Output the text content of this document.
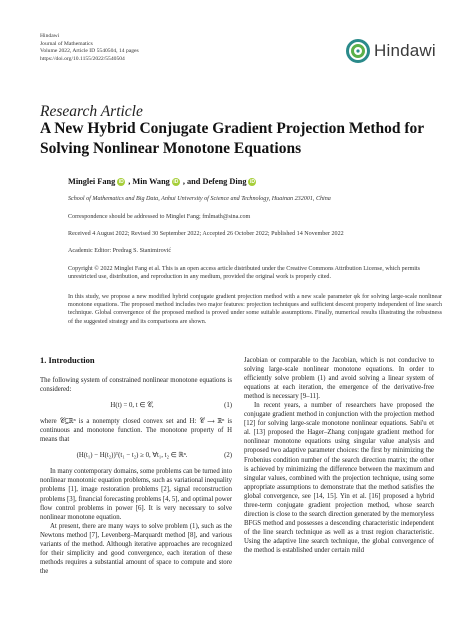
Hindawi
Journal of Mathematics
Volume 2022, Article ID 5540504, 14 pages
https://doi.org/10.1155/2022/5540504	Hindawi
Research Article
A New Hybrid Conjugate Gradient Projection Method for Solving Nonlinear Monotone Equations
Minglei Fang iD , Min Wang iD , and Defeng Ding iD
School of Mathematics and Big Data, Anhui University of Science and Technology, Huainan 232001, China
Correspondence should be addressed to Minglei Fang; fmlmath@sina.com
Received 4 August 2022; Revised 30 September 2022; Accepted 26 October 2022; Published 14 November 2022
Academic Editor: Predrag S. Stanimirović
Copyright © 2022 Minglei Fang et al. This is an open access article distributed under the Creative Commons Attribution License, which permits unrestricted use, distribution, and reproduction in any medium, provided the original work is properly cited.
In this study, we propose a new modified hybrid conjugate gradient projection method with a new scale parameter φk for solving large-scale nonlinear monotone equations. The proposed method includes two major features: projection techniques and sufficient descent property independent of line search technique. Global convergence of the proposed method is proved under some suitable assumptions. Finally, numerical results illustrating the robustness of the suggested strategy and its comparisons are shown.

1. Introduction

The following system of constrained nonlinear monotone equations is considered:

H(t) = 0, t ∈ 𝒞,	(1)

where 𝒞⊆ℝⁿ is a nonempty closed convex set and H: 𝒞 ⟶ ℝⁿ is continuous and monotone function. The monotone property of H means that

(H(t₁) − H(t₂))ᵀ(t₁ − t₂) ≥ 0, ∀t₁, t₂ ∈ ℝⁿ.	(2)

In many contemporary domains, some problems can be turned into nonlinear monotonic equation problems, such as variational inequality problems [1], image restoration problems [2], signal reconstruction problems [3], financial forecasting problems [4, 5], and optimal power flow control problems in power [6]. It is very necessary to solve nonlinear monotone equation.

At present, there are many ways to solve problem (1), such as the Newtons method [7], Levenberg–Marquardt method [8], and various variants of the method. Although iterative approaches are recognized for their simplicity and good convergence, each iteration of these methods requires a substantial amount of space to compute and store the

Jacobian or comparable to the Jacobian, which is not conducive to solving large-scale nonlinear monotone equations. In order to efficiently solve problem (1) and avoid solving a linear system of equations at each iteration, the emergence of the derivative-free method is necessary [9–11].

In recent years, a number of researchers have proposed the conjugate gradient method in conjunction with the projection method [12] for solving large-scale monotone nonlinear equations. Sabi'u et al. [13] proposed the Hager–Zhang conjugate gradient method for nonlinear monotone equations using singular value analysis and proposed two adaptive parameter choices: the first by minimizing the Frobenius condition number of the search direction matrix; the other is achieved by minimizing the difference between the maximum and singular values, combined with the projection technique, using some appropriate assumptions to demonstrate that the method satisfies the global convergence, see [14, 15]. Yin et al. [16] proposed a hybrid three-term conjugate gradient projection method, whose search direction is close to the search direction generated by the memoryless BFGS method and possesses a descending characteristic independent of the line search technique as well as a trust region characteristic. Using the adaptive line search technique, the global convergence of the method is established under certain mild
